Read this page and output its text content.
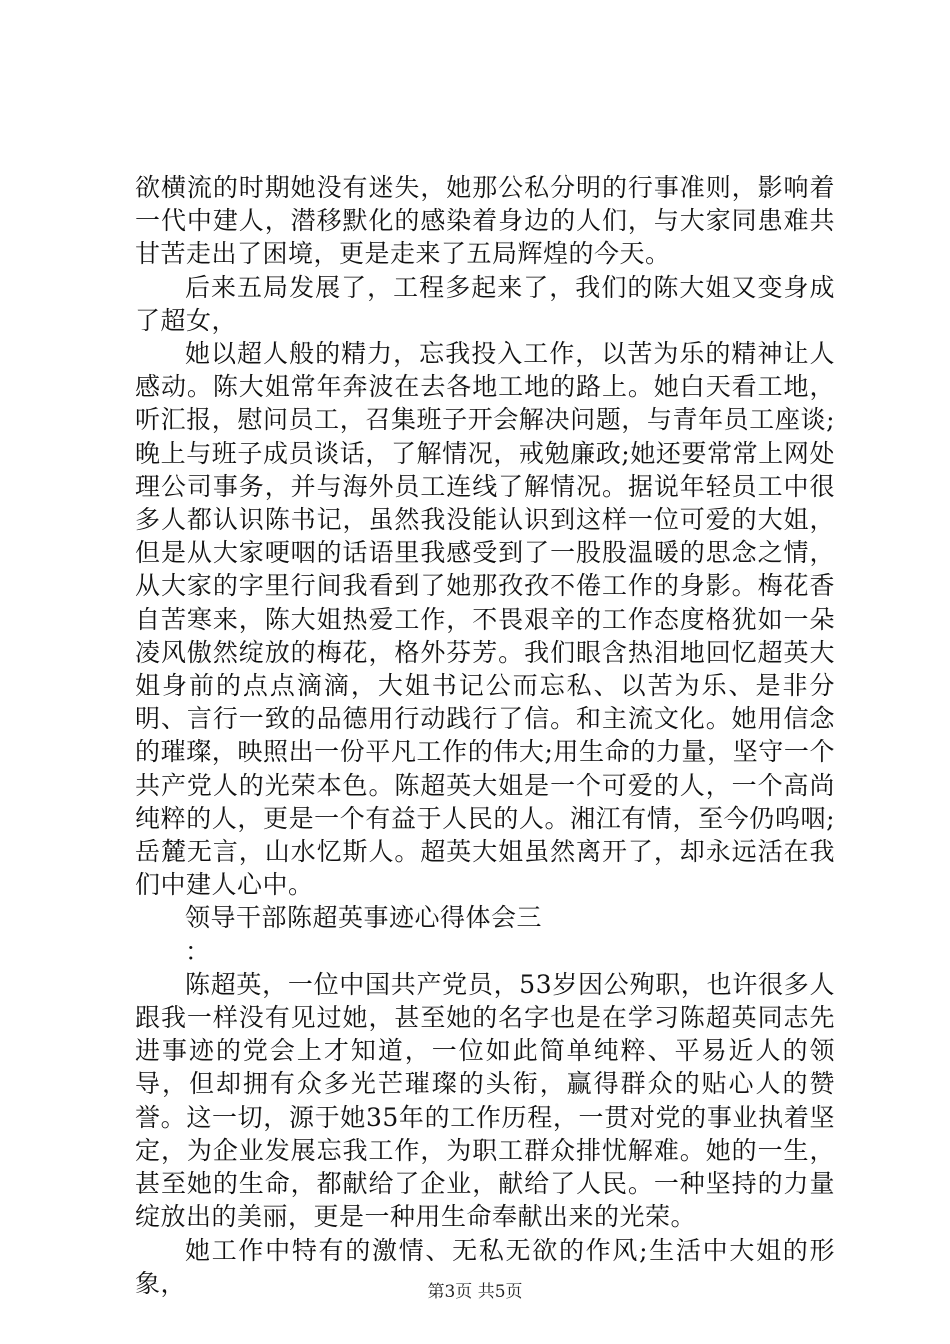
欲横流的时期她没有迷失，她那公私分明的行事准则，影响着一代中建人，潜移默化的感染着身边的人们，与大家同患难共甘苦走出了困境，更是走来了五局辉煌的今天。

后来五局发展了，工程多起来了，我们的陈大姐又变身成了超女，

她以超人般的精力，忘我投入工作，以苦为乐的精神让人感动。陈大姐常年奔波在去各地工地的路上。她白天看工地，听汇报，慰问员工，召集班子开会解决问题，与青年员工座谈;晚上与班子成员谈话，了解情况，戒勉廉政;她还要常常上网处理公司事务，并与海外员工连线了解情况。据说年轻员工中很多人都认识陈书记，虽然我没能认识到这样一位可爱的大姐，但是从大家哽咽的话语里我感受到了一股股温暖的思念之情，从大家的字里行间我看到了她那孜孜不倦工作的身影。梅花香自苦寒来，陈大姐热爱工作，不畏艰辛的工作态度格犹如一朵凌风傲然绽放的梅花，格外芬芳。我们眼含热泪地回忆超英大姐身前的点点滴滴，大姐书记公而忘私、以苦为乐、是非分明、言行一致的品德用行动践行了信。和主流文化。她用信念的璀璨，映照出一份平凡工作的伟大;用生命的力量，坚守一个共产党人的光荣本色。陈超英大姐是一个可爱的人，一个高尚纯粹的人，更是一个有益于人民的人。湘江有情，至今仍呜咽;岳麓无言，山水忆斯人。超英大姐虽然离开了，却永远活在我们中建人心中。

领导干部陈超英事迹心得体会三

：

陈超英，一位中国共产党员，53岁因公殉职，也许很多人跟我一样没有见过她，甚至她的名字也是在学习陈超英同志先进事迹的党会上才知道，一位如此简单纯粹、平易近人的领导，但却拥有众多光芒璀璨的头衔，赢得群众的贴心人的赞誉。这一切，源于她35年的工作历程，一贯对党的事业执着坚定，为企业发展忘我工作，为职工群众排忧解难。她的一生，甚至她的生命，都献给了企业，献给了人民。一种坚持的力量绽放出的美丽，更是一种用生命奉献出来的光荣。

她工作中特有的激情、无私无欲的作风;生活中大姐的形象，	第3页 共5页
